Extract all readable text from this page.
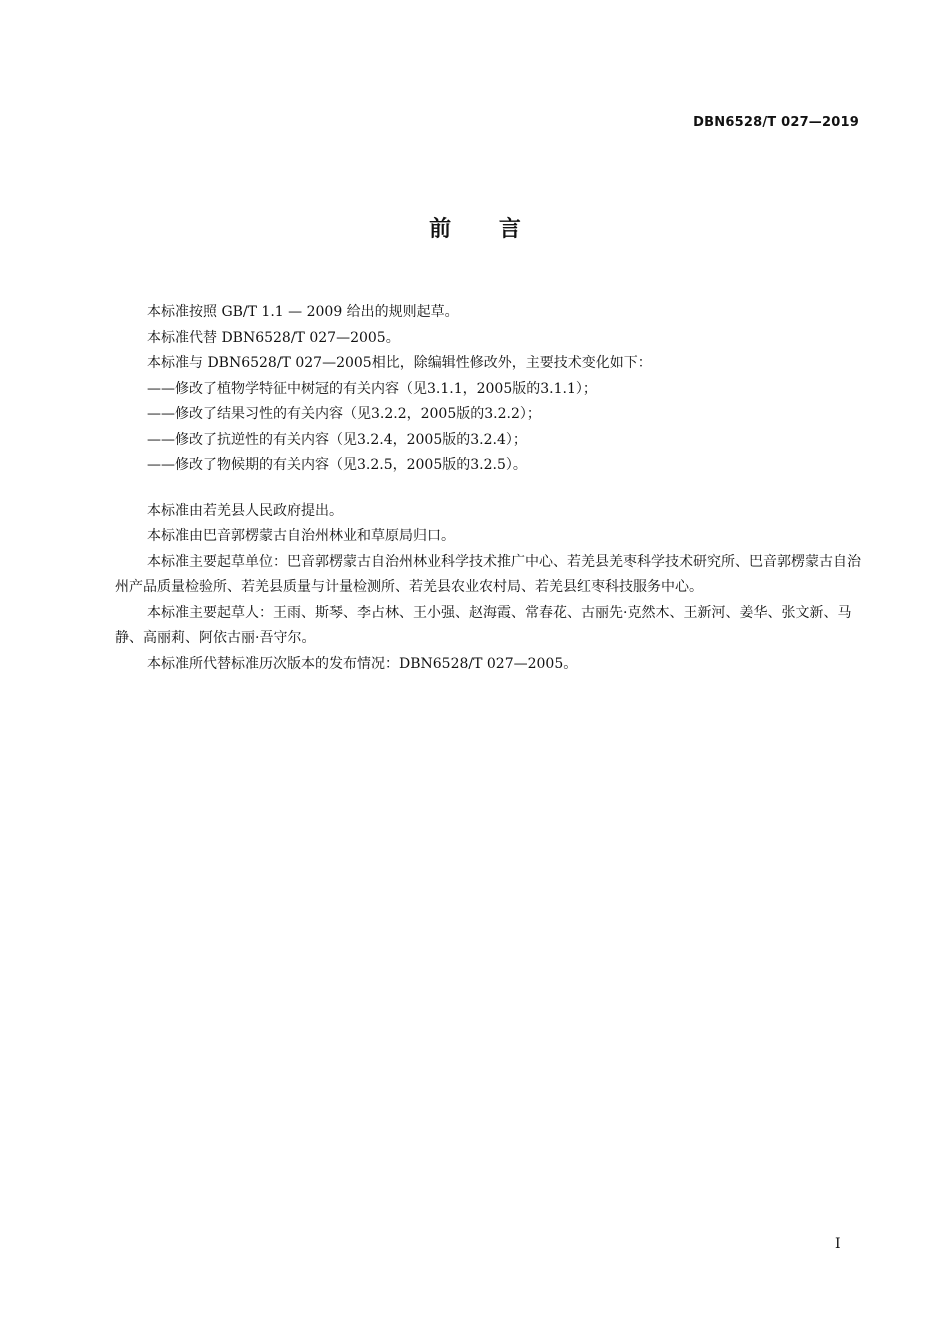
DBN6528/T 027—2019
前 言

本标准按照 GB/T 1.1 — 2009 给出的规则起草。

本标准代替 DBN6528/T 027—2005。

本标准与 DBN6528/T 027—2005相比，除编辑性修改外，主要技术变化如下：

——修改了植物学特征中树冠的有关内容（见3.1.1，2005版的3.1.1）；

——修改了结果习性的有关内容（见3.2.2，2005版的3.2.2）；

——修改了抗逆性的有关内容（见3.2.4，2005版的3.2.4）；

——修改了物候期的有关内容（见3.2.5，2005版的3.2.5）。

本标准由若羌县人民政府提出。

本标准由巴音郭楞蒙古自治州林业和草原局归口。

本标准主要起草单位：巴音郭楞蒙古自治州林业科学技术推广中心、若羌县羌枣科学技术研究所、巴音郭楞蒙古自治州产品质量检验所、若羌县质量与计量检测所、若羌县农业农村局、若羌县红枣科技服务中心。

本标准主要起草人：王雨、斯琴、李占林、王小强、赵海霞、常春花、古丽先·克然木、王新河、姜华、张文新、马静、高丽莉、阿依古丽·吾守尔。

本标准所代替标准历次版本的发布情况：DBN6528/T 027—2005。

I
